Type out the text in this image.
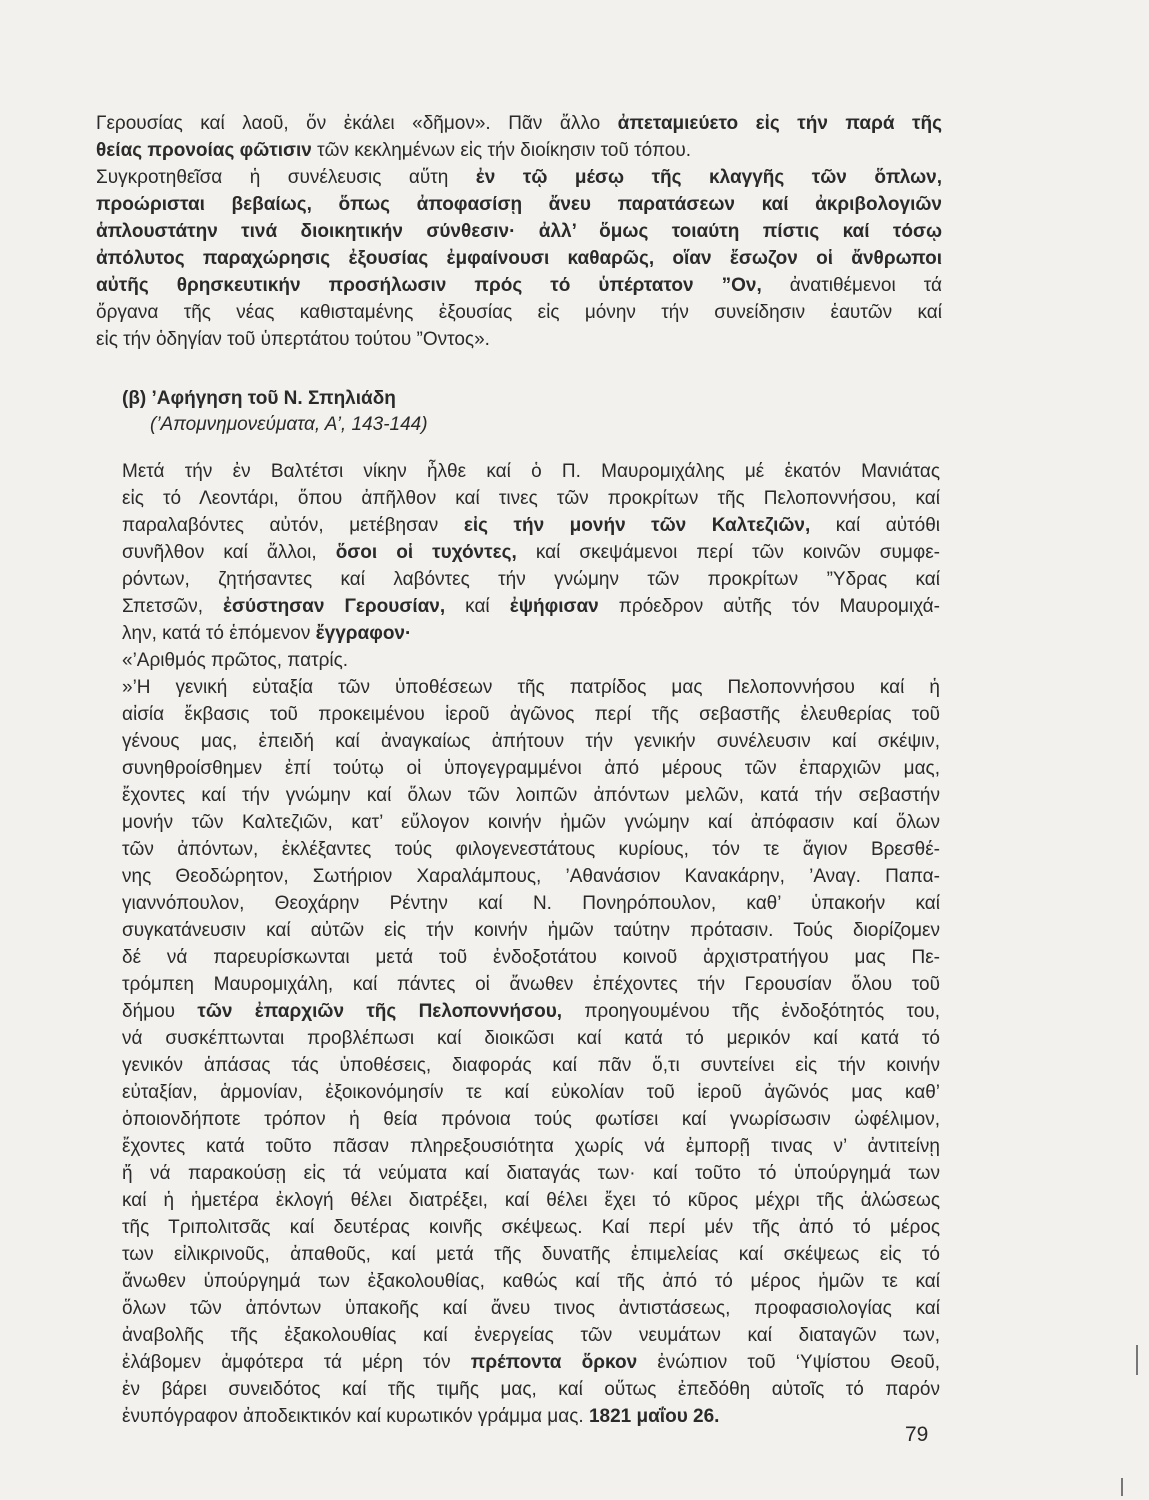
Γερουσίας καί λαοῦ, ὅν ἐκάλει «δῆμον». Πᾶν ἄλλο ἀπεταμιεύετο εἰς τήν παρά τῆς
θείας προνοίας φῶτισιν τῶν κεκλημένων εἰς τήν διοίκησιν τοῦ τόπου.
Συγκροτηθεῖσα ἡ συνέλευσις αὕτη ἐν τῷ μέσῳ τῆς κλαγγῆς τῶν ὅπλων,
προώρισται βεβαίως, ὅπως ἀποφασίσῃ ἄνευ παρατάσεων καί ἀκριβολογιῶν
ἁπλουστάτην τινά διοικητικήν σύνθεσιν· ἀλλ’ ὅμως τοιαύτη πίστις καί τόσῳ
ἀπόλυτος παραχώρησις ἐξουσίας ἐμφαίνουσι καθαρῶς, οἵαν ἔσωζον οἱ ἄνθρωποι
αὐτῆς θρησκευτικήν προσήλωσιν πρός τό ὑπέρτατον ”Ον, ἀνατιθέμενοι τά
ὄργανα τῆς νέας καθισταμένης ἐξουσίας εἰς μόνην τήν συνείδησιν ἑαυτῶν καί
εἰς τήν ὁδηγίαν τοῦ ὑπερτάτου τούτου ”Οντος».
(β) ’Αφήγηση τοῦ Ν. Σπηλιάδη
(’Απομνημονεύματα, Α’, 143-144)
Μετά τήν ἐν Βαλτέτσι νίκην ἦλθε καί ὁ Π. Μαυρομιχάλης μέ ἑκατόν Μανιάτας
εἰς τό Λεοντάρι, ὅπου ἀπῆλθον καί τινες τῶν προκρίτων τῆς Πελοποννήσου, καί
παραλαβόντες αὐτόν, μετέβησαν εἰς τήν μονήν τῶν Καλτεζιῶν, καί αὐτόθι
συνῆλθον καί ἄλλοι, ὅσοι οἱ τυχόντες, καί σκεψάμενοι περί τῶν κοινῶν συμφε-
ρόντων, ζητήσαντες καί λαβόντες τήν γνώμην τῶν προκρίτων ”Υδρας καί
Σπετσῶν, ἐσύστησαν Γερουσίαν, καί ἐψήφισαν πρόεδρον αὐτῆς τόν Μαυρομιχά-
λην, κατά τό ἑπόμενον ἔγγραφον·
«’Αριθμός πρῶτος, πατρίς.
»’Η γενική εὐταξία τῶν ὑποθέσεων τῆς πατρίδος μας Πελοποννήσου καί ἡ
αἰσία ἔκβασις τοῦ προκειμένου ἱεροῦ ἀγῶνος περί τῆς σεβαστῆς ἐλευθερίας τοῦ
γένους μας, ἐπειδή καί ἀναγκαίως ἀπήτουν τήν γενικήν συνέλευσιν καί σκέψιν,
συνηθροίσθημεν ἐπί τούτῳ οἱ ὑπογεγραμμένοι ἀπό μέρους τῶν ἐπαρχιῶν μας,
ἔχοντες καί τήν γνώμην καί ὅλων τῶν λοιπῶν ἀπόντων μελῶν, κατά τήν σεβαστήν
μονήν τῶν Καλτεζιῶν, κατ’ εὔλογον κοινήν ἡμῶν γνώμην καί ἀπόφασιν καί ὅλων
τῶν ἀπόντων, ἐκλέξαντες τούς φιλογενεστάτους κυρίους, τόν τε ἅγιον Βρεσθέ-
νης Θεοδώρητον, Σωτήριον Χαραλάμπους, ’Αθανάσιον Κανακάρην, ’Αναγ. Παπα-
γιαννόπουλον, Θεοχάρην Ρέντην καί Ν. Πονηρόπουλον, καθ’ ὑπακοήν καί
συγκατάνευσιν καί αὐτῶν εἰς τήν κοινήν ἡμῶν ταύτην πρότασιν. Τούς διορίζομεν
δέ νά παρευρίσκωνται μετά τοῦ ἐνδοξοτάτου κοινοῦ ἀρχιστρατήγου μας Πε-
τρόμπεη Μαυρομιχάλη, καί πάντες οἱ ἄνωθεν ἐπέχοντες τήν Γερουσίαν ὅλου τοῦ
δήμου τῶν ἐπαρχιῶν τῆς Πελοποννήσου, προηγουμένου τῆς ἐνδοξότητός του,
νά συσκέπτωνται προβλέπωσι καί διοικῶσι καί κατά τό μερικόν καί κατά τό
γενικόν ἁπάσας τάς ὑποθέσεις, διαφοράς καί πᾶν ὅ,τι συντείνει εἰς τήν κοινήν
εὐταξίαν, ἁρμονίαν, ἐξοικονόμησίν τε καί εὐκολίαν τοῦ ἱεροῦ ἀγῶνός μας καθ’
ὁποιονδήποτε τρόπον ἡ θεία πρόνοια τούς φωτίσει καί γνωρίσωσιν ὠφέλιμον,
ἔχοντες κατά τοῦτο πᾶσαν πληρεξουσιότητα χωρίς νά ἐμπορῇ τινας ν’ ἀντιτείνῃ
ἤ νά παρακούσῃ εἰς τά νεύματα καί διαταγάς των· καί τοῦτο τό ὑπούργημά των
καί ἡ ἡμετέρα ἐκλογή θέλει διατρέξει, καί θέλει ἔχει τό κῦρος μέχρι τῆς ἁλώσεως
τῆς Τριπολιτσᾶς καί δευτέρας κοινῆς σκέψεως. Καί περί μέν τῆς ἀπό τό μέρος
των εἰλικρινοῦς, ἀπαθοῦς, καί μετά τῆς δυνατῆς ἐπιμελείας καί σκέψεως εἰς τό
ἄνωθεν ὑπούργημά των ἐξακολουθίας, καθώς καί τῆς ἀπό τό μέρος ἡμῶν τε καί
ὅλων τῶν ἀπόντων ὑπακοῆς καί ἄνευ τινος ἀντιστάσεως, προφασιολογίας καί
ἀναβολῆς τῆς ἐξακολουθίας καί ἐνεργείας τῶν νευμάτων καί διαταγῶν των,
ἐλάβομεν ἀμφότερα τά μέρη τόν πρέποντα ὅρκον ἐνώπιον τοῦ ‘Υψίστου Θεοῦ,
ἐν βάρει συνειδότος καί τῆς τιμῆς μας, καί οὕτως ἐπεδόθη αὐτοῖς τό παρόν
ἐνυπόγραφον ἀποδεικτικόν καί κυρωτικόν γράμμα μας. 1821 μαΐου 26.
79
